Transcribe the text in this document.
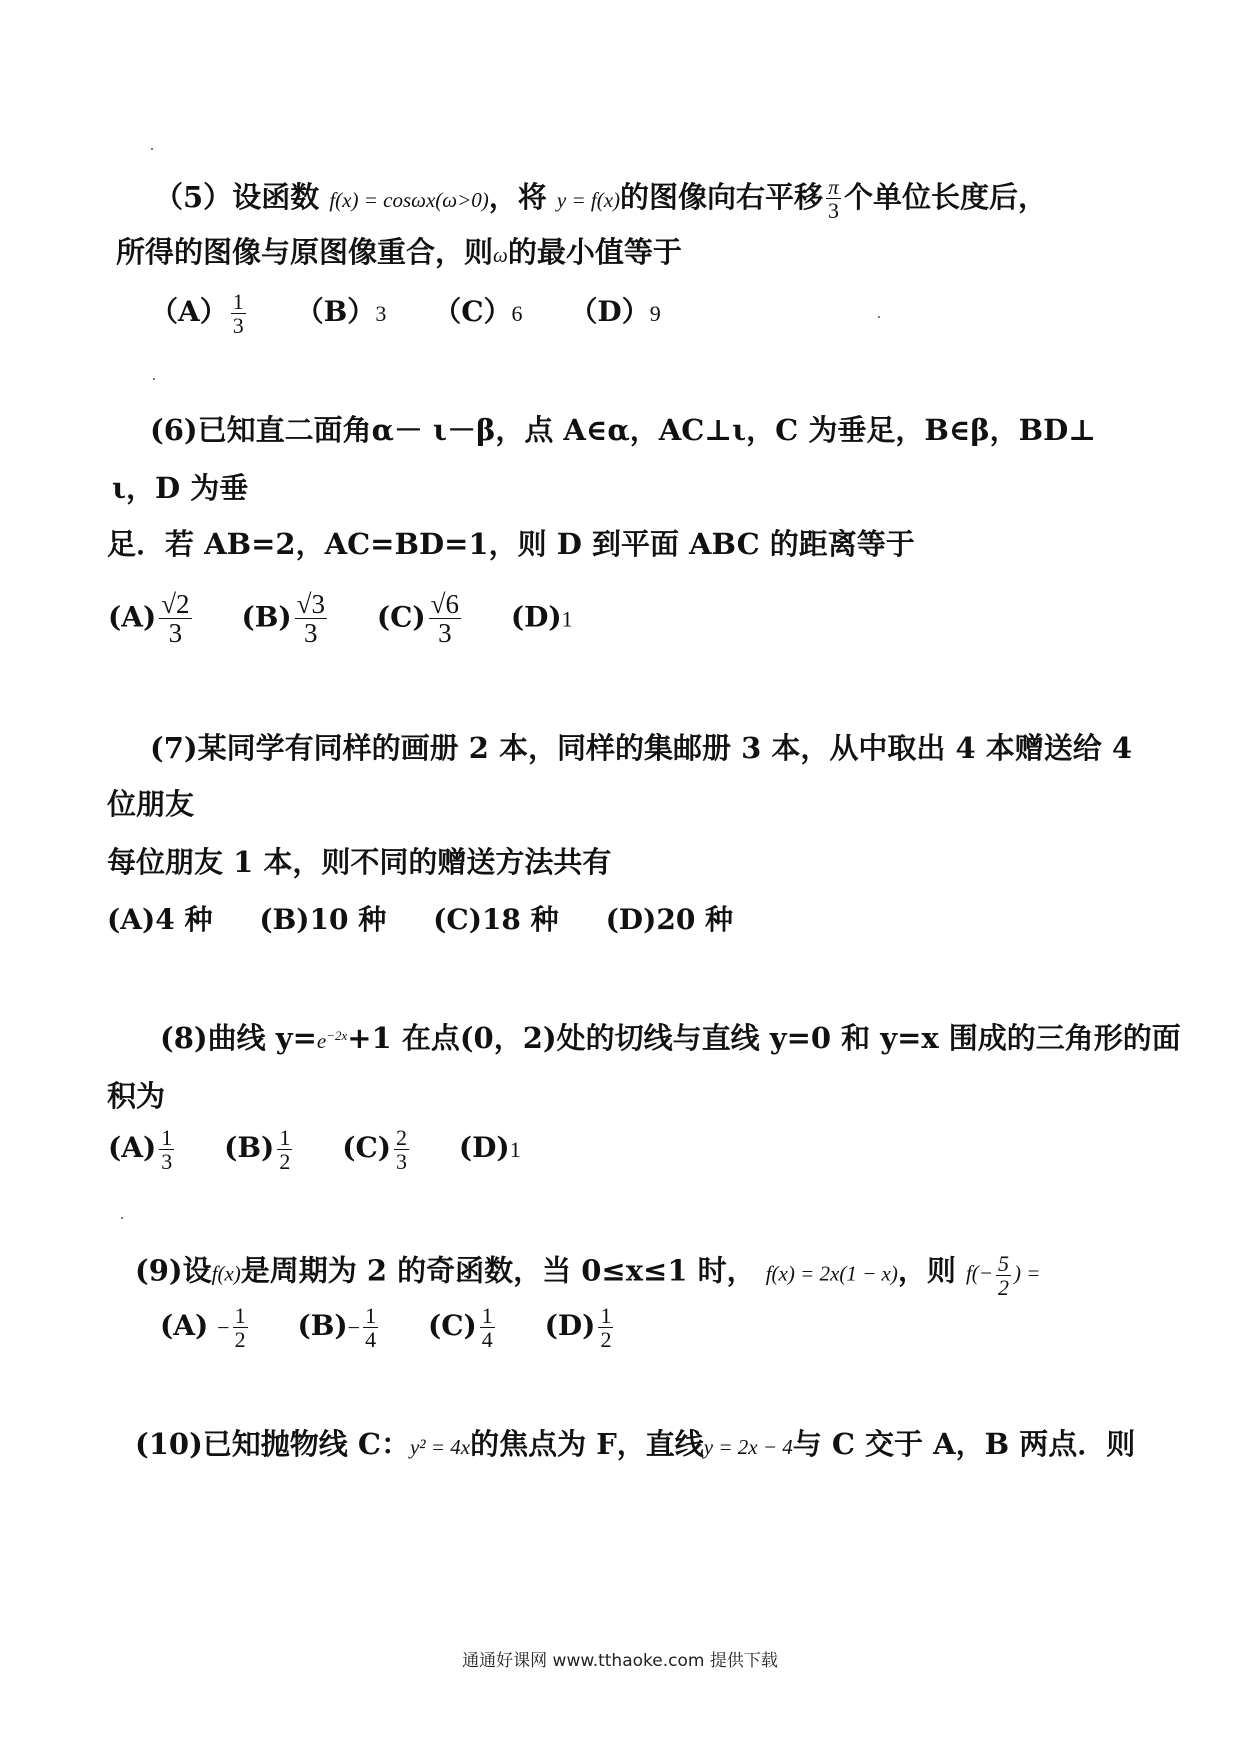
（5）设函数 f(x) = cosωx(ω>0)，将 y = f(x)的图像向右平移 $\frac{\pi}{3}$ 个单位长度后，
所得的图像与原图像重合，则ω的最小值等于
$(A) \frac{1}{3} (B)3$ （C）6 （D）9
(6)已知直二面角α－ ι－β，点 A∈α，AC⊥ι，C 为垂足，B∈β，BD⊥
ι，D 为垂
足．若 AB=2，AC=BD=1，则 D 到平面 ABC 的距离等于
$(A) \frac{√2}{3} (B) \frac{√3}{3} (C) \frac{√6}{3} (D)1$
(7)某同学有同样的画册 2 本，同样的集邮册 3 本，从中取出 4 本赠送给 4
位朋友
每位朋友 1 本，则不同的赠送方法共有
(A)4 种 (B)10 种 (C)18 种 (D)20 种
(8)曲线 $y=e^{-2x}+1$ 在点(0，2)处的切线与直线 y=0 和 y=x 围成的三角形的面
积为
$(A) \frac{1}{3} (B) \frac{1}{2} (C) \frac{2}{3} (D)1$
(9)设f(x)是周期为 2 的奇函数，当 0≤x≤1 时， f(x) = 2x(1 − x)，则 $f(- \frac{5}{2}$ ) =
$(A) - \frac{1}{2} (B)- \frac{1}{4} (C) \frac{1}{4} (D) \frac{1}{2}$
(10)已知抛物线 C：y² = 4x的焦点为 F，直线y = 2x − 4与 C 交于 A，B 两点．则
通通好课网 www.tthaoke.com 提供下载
